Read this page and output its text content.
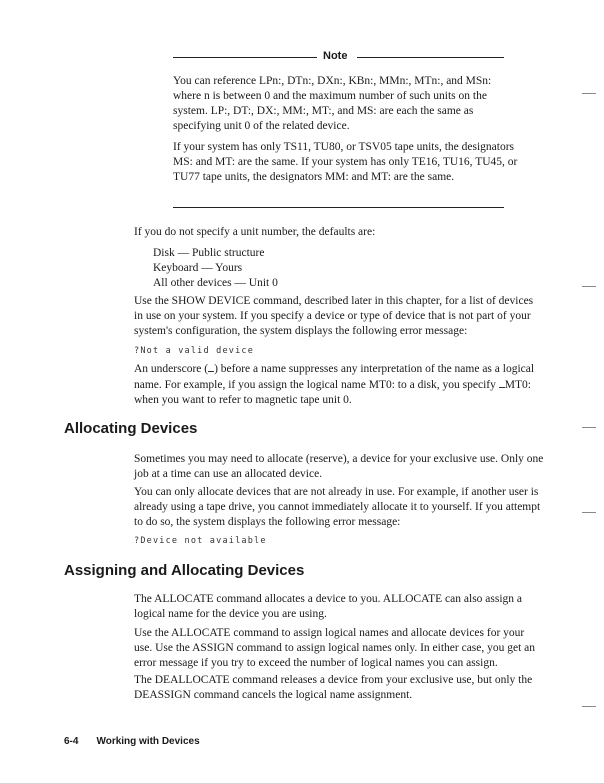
Note

You can reference LPn:, DTn:, DXn:, KBn:, MMn:, MTn:, and MSn: where n is between 0 and the maximum number of such units on the system. LP:, DT:, DX:, MM:, MT:, and MS: are each the same as specifying unit 0 of the related device.

If your system has only TS11, TU80, or TSV05 tape units, the designators MS: and MT: are the same. If your system has only TE16, TU16, TU45, or TU77 tape units, the designators MM: and MT: are the same.

If you do not specify a unit number, the defaults are:

Disk — Public structure
Keyboard — Yours
All other devices — Unit 0

Use the SHOW DEVICE command, described later in this chapter, for a list of devices in use on your system. If you specify a device or type of device that is not part of your system's configuration, the system displays the following error message:

?Not a valid device

An underscore ( ) before a name suppresses any interpretation of the name as a logical name. For example, if you assign the logical name MT0: to a disk, you specify MT0: when you want to refer to magnetic tape unit 0.

Allocating Devices

Sometimes you may need to allocate (reserve), a device for your exclusive use. Only one job at a time can use an allocated device.

You can only allocate devices that are not already in use. For example, if another user is already using a tape drive, you cannot immediately allocate it to yourself. If you attempt to do so, the system displays the following error message:

?Device not available
Assigning and Allocating Devices

The ALLOCATE command allocates a device to you. ALLOCATE can also assign a logical name for the device you are using.

Use the ALLOCATE command to assign logical names and allocate devices for your use. Use the ASSIGN command to assign logical names only. In either case, you get an error message if you try to exceed the number of logical names you can assign.

The DEALLOCATE command releases a device from your exclusive use, but only the DEASSIGN command cancels the logical name assignment.

6-4 Working with Devices
